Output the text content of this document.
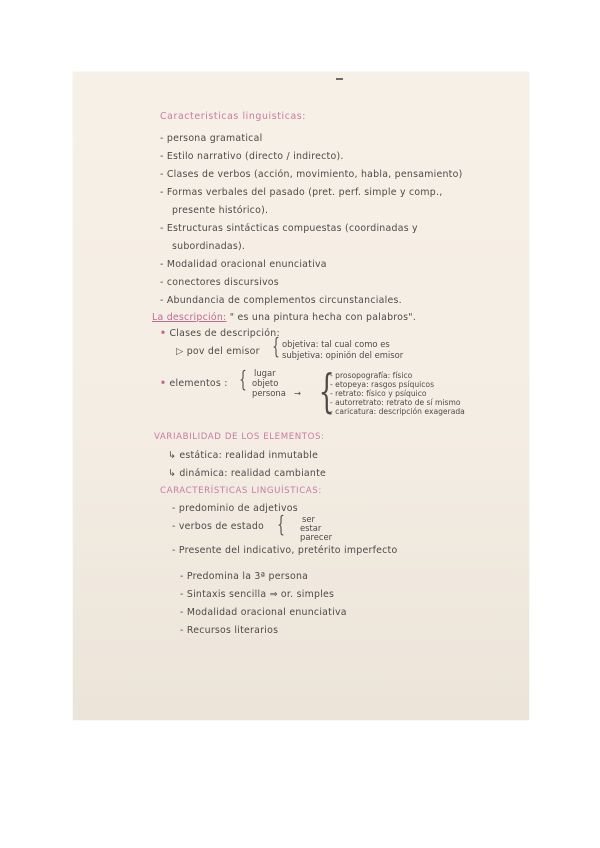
Caracteristicas linguisticas:
- persona gramatical
- Estilo narrativo (directo / indirecto).
- Clases de verbos (acción, movimiento, habla, pensamiento)
- Formas verbales del pasado (pret. perf. simple y comp.,
presente histórico).
- Estructuras sintácticas compuestas (coordinadas y
subordinadas).
- Modalidad oracional enunciativa
- conectores discursivos
- Abundancia de complementos circunstanciales.
La descripción: " es una pintura hecha con palabros".
• Clases de descripción:
▷ pov del emisor { objetiva: tal cual como es
subjetiva: opinión del emisor
• elementos : { lugar
objeto
persona → {
- prosopografía: físico
- etopeya: rasgos psíquicos
- retrato: físico y psíquico
- autorretrato: retrato de sí mismo
- caricatura: descripción exagerada
VARIABILIDAD DE LOS ELEMENTOS:
↳ estática: realidad inmutable
↳ dinámica: realidad cambiante
CARACTERÍSTICAS LINGUÍSTICAS:
- predominio de adjetivos
- verbos de estado { ser
estar
parecer
- Presente del indicativo, pretérito imperfecto
- Predomina la 3ª persona
- Sintaxis sencilla ⇒ or. simples
- Modalidad oracional enunciativa
- Recursos literarios
